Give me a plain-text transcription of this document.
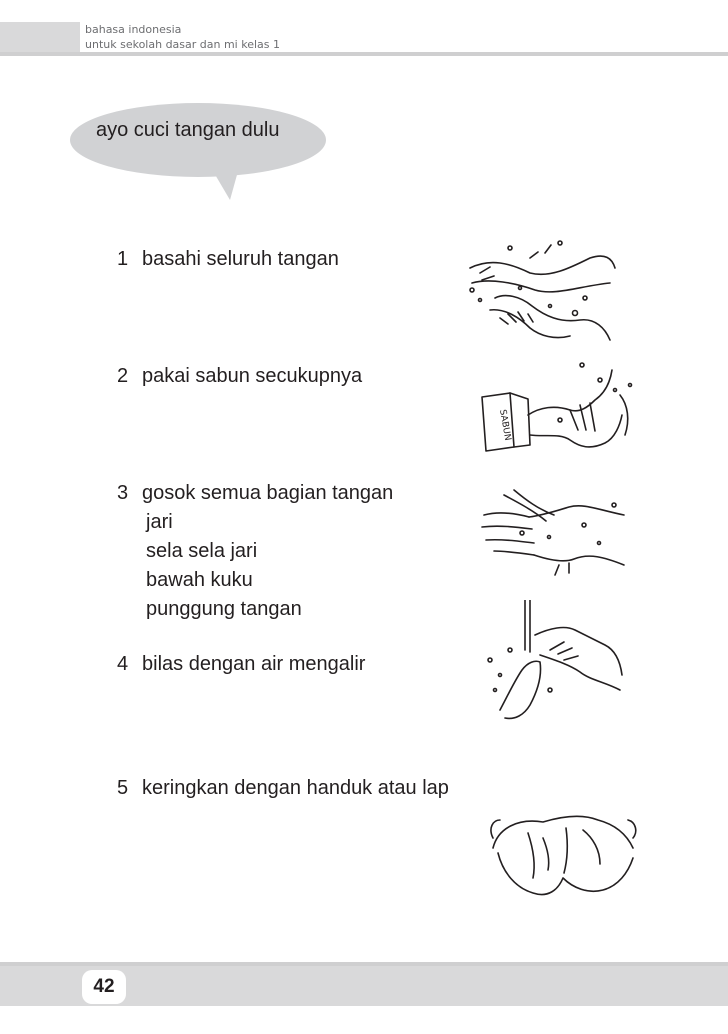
bahasa indonesia
untuk sekolah dasar dan mi kelas 1
ayo cuci tangan dulu
1 basahi seluruh tangan
2 pakai sabun secukupnya
3 gosok semua bagian tangan
jari
sela sela jari
bawah kuku
punggung tangan
4 bilas dengan air mengalir
5 keringkan dengan handuk atau lap
SABUN
42
